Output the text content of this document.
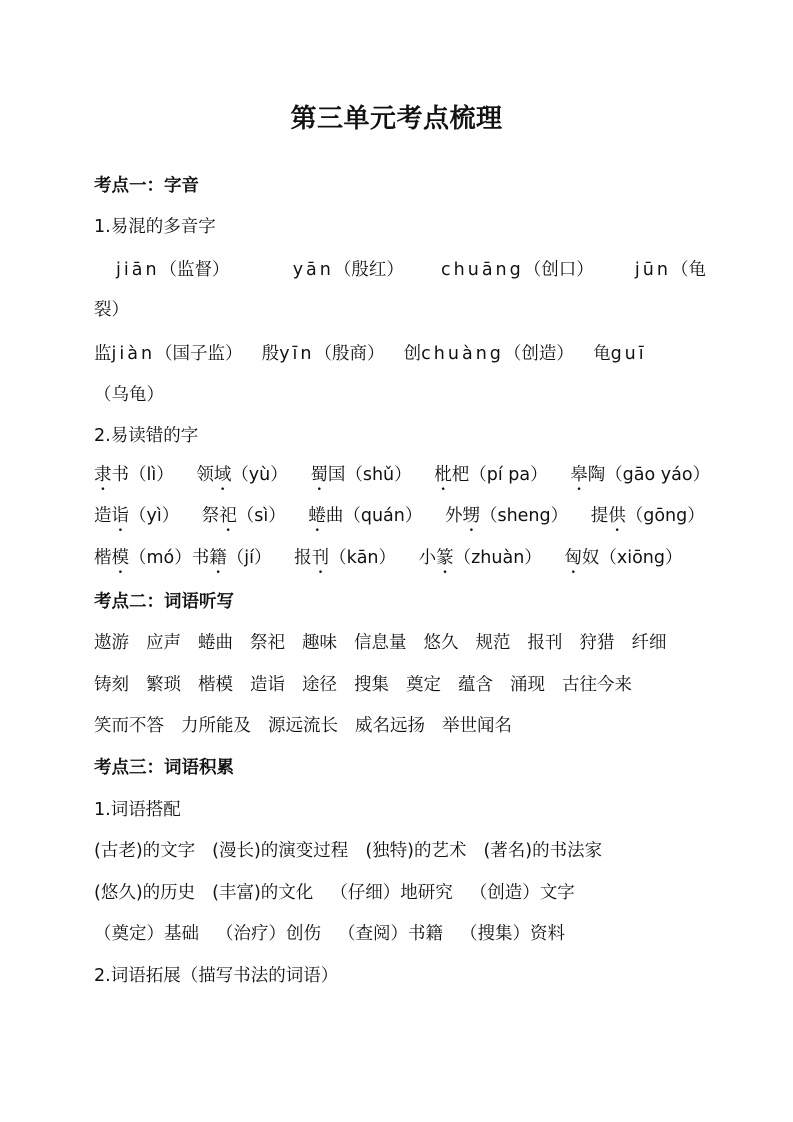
第三单元考点梳理
考点一：字音
1.易混的多音字
jiān（监督）	yān（殷红） chuāng（创口） jūn（龟
裂）
监jiàn（国子监） 殷yīn（殷商） 创chuàng（创造） 龟guī
（乌龟）
2.易读错的字
隶书（lì） 领域（yù） 蜀国（shǔ） 枇杷（pí pa） 皋陶（gāo yáo）
造诣（yì） 祭祀（sì） 蜷曲（quán） 外甥（sheng） 提供（gōng）
楷模（mó）书籍（jí） 报刊（kān） 小篆（zhuàn） 匈奴（xiōng）
考点二：词语听写
遨游 应声 蜷曲 祭祀 趣味 信息量 悠久 规范 报刊 狩猎 纤细
铸刻 繁琐 楷模 造诣 途径 搜集 奠定 蕴含 涌现 古往今来
笑而不答 力所能及 源远流长 威名远扬 举世闻名
考点三：词语积累
1.词语搭配
(古老)的文字 (漫长)的演变过程 (独特)的艺术 (著名)的书法家
(悠久)的历史 (丰富)的文化 （仔细）地研究 （创造）文字
（奠定）基础 （治疗）创伤 （查阅）书籍 （搜集）资料
2.词语拓展（描写书法的词语）
